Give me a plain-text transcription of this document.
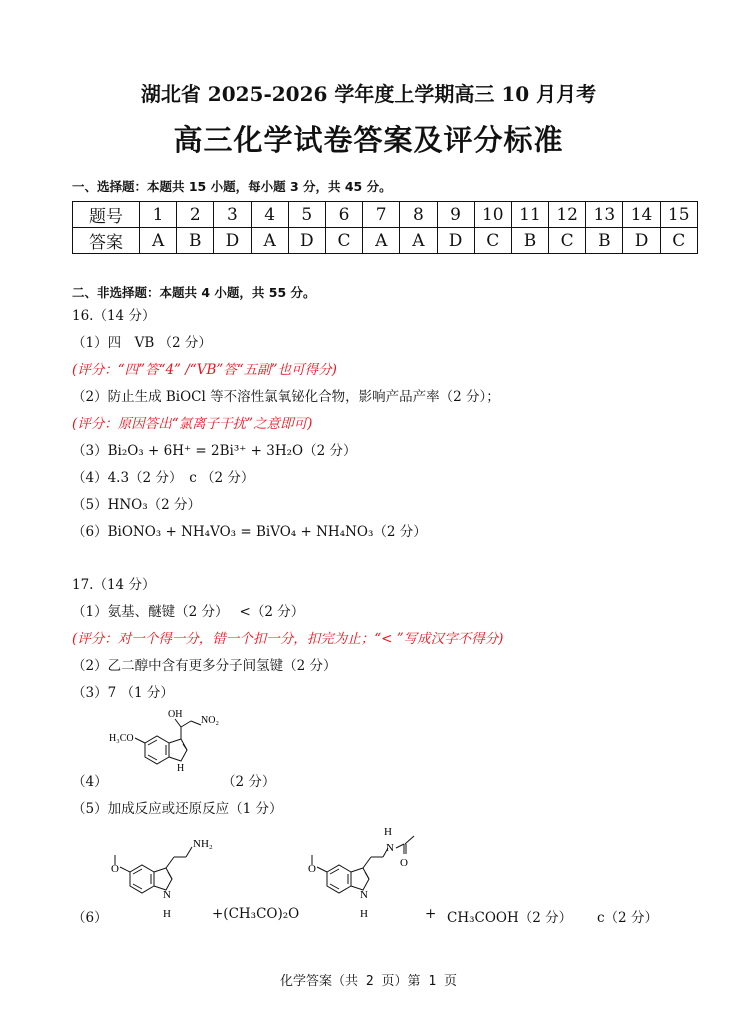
湖北省 2025-2026 学年度上学期高三 10 月月考
高三化学试卷答案及评分标准
一、选择题：本题共 15 小题，每小题 3 分，共 45 分。
题号	1	2	3	4	5	6	7	8	9	10	11	12	13	14	15
答案	A	B	D	A	D	C	A	A	D	C	B	C	B	D	C
二、非选择题：本题共 4 小题，共 55 分。
16.（14 分）
（1）四　VB （2 分）
(评分：“四”答“4” /“VB”答“五副”也可得分)
（2）防止生成 BiOCl 等不溶性氯氧铋化合物，影响产品产率（2 分）；
(评分：原因答出“氯离子干扰”之意即可)
（3）Bi₂O₃ + 6H⁺ = 2Bi³⁺ + 3H₂O（2 分）
（4）4.3（2 分）　c （2 分）
（5）HNO₃（2 分）
（6）BiONO₃ + NH₄VO₃ = BiVO₄ + NH₄NO₃（2 分）
17.（14 分）
（1）氨基、醚键（2 分）　 <（2 分）
(评分：对一个得一分，错一个扣一分，扣完为止；“< ”写成汉字不得分)
（2）乙二醇中含有更多分子间氢键（2 分）
（3）7 （1 分）
（4）
H₃CO
OH
NO₂
H
（2 分）
（5）加成反应或还原反应（1 分）
（6）
O
NH₂
N
H	+(CH₃CO)₂O
H
N
O
O
N
H	+ CH₃COOH（2 分） c（2 分）
化学答案（共 2 页）第 1 页
